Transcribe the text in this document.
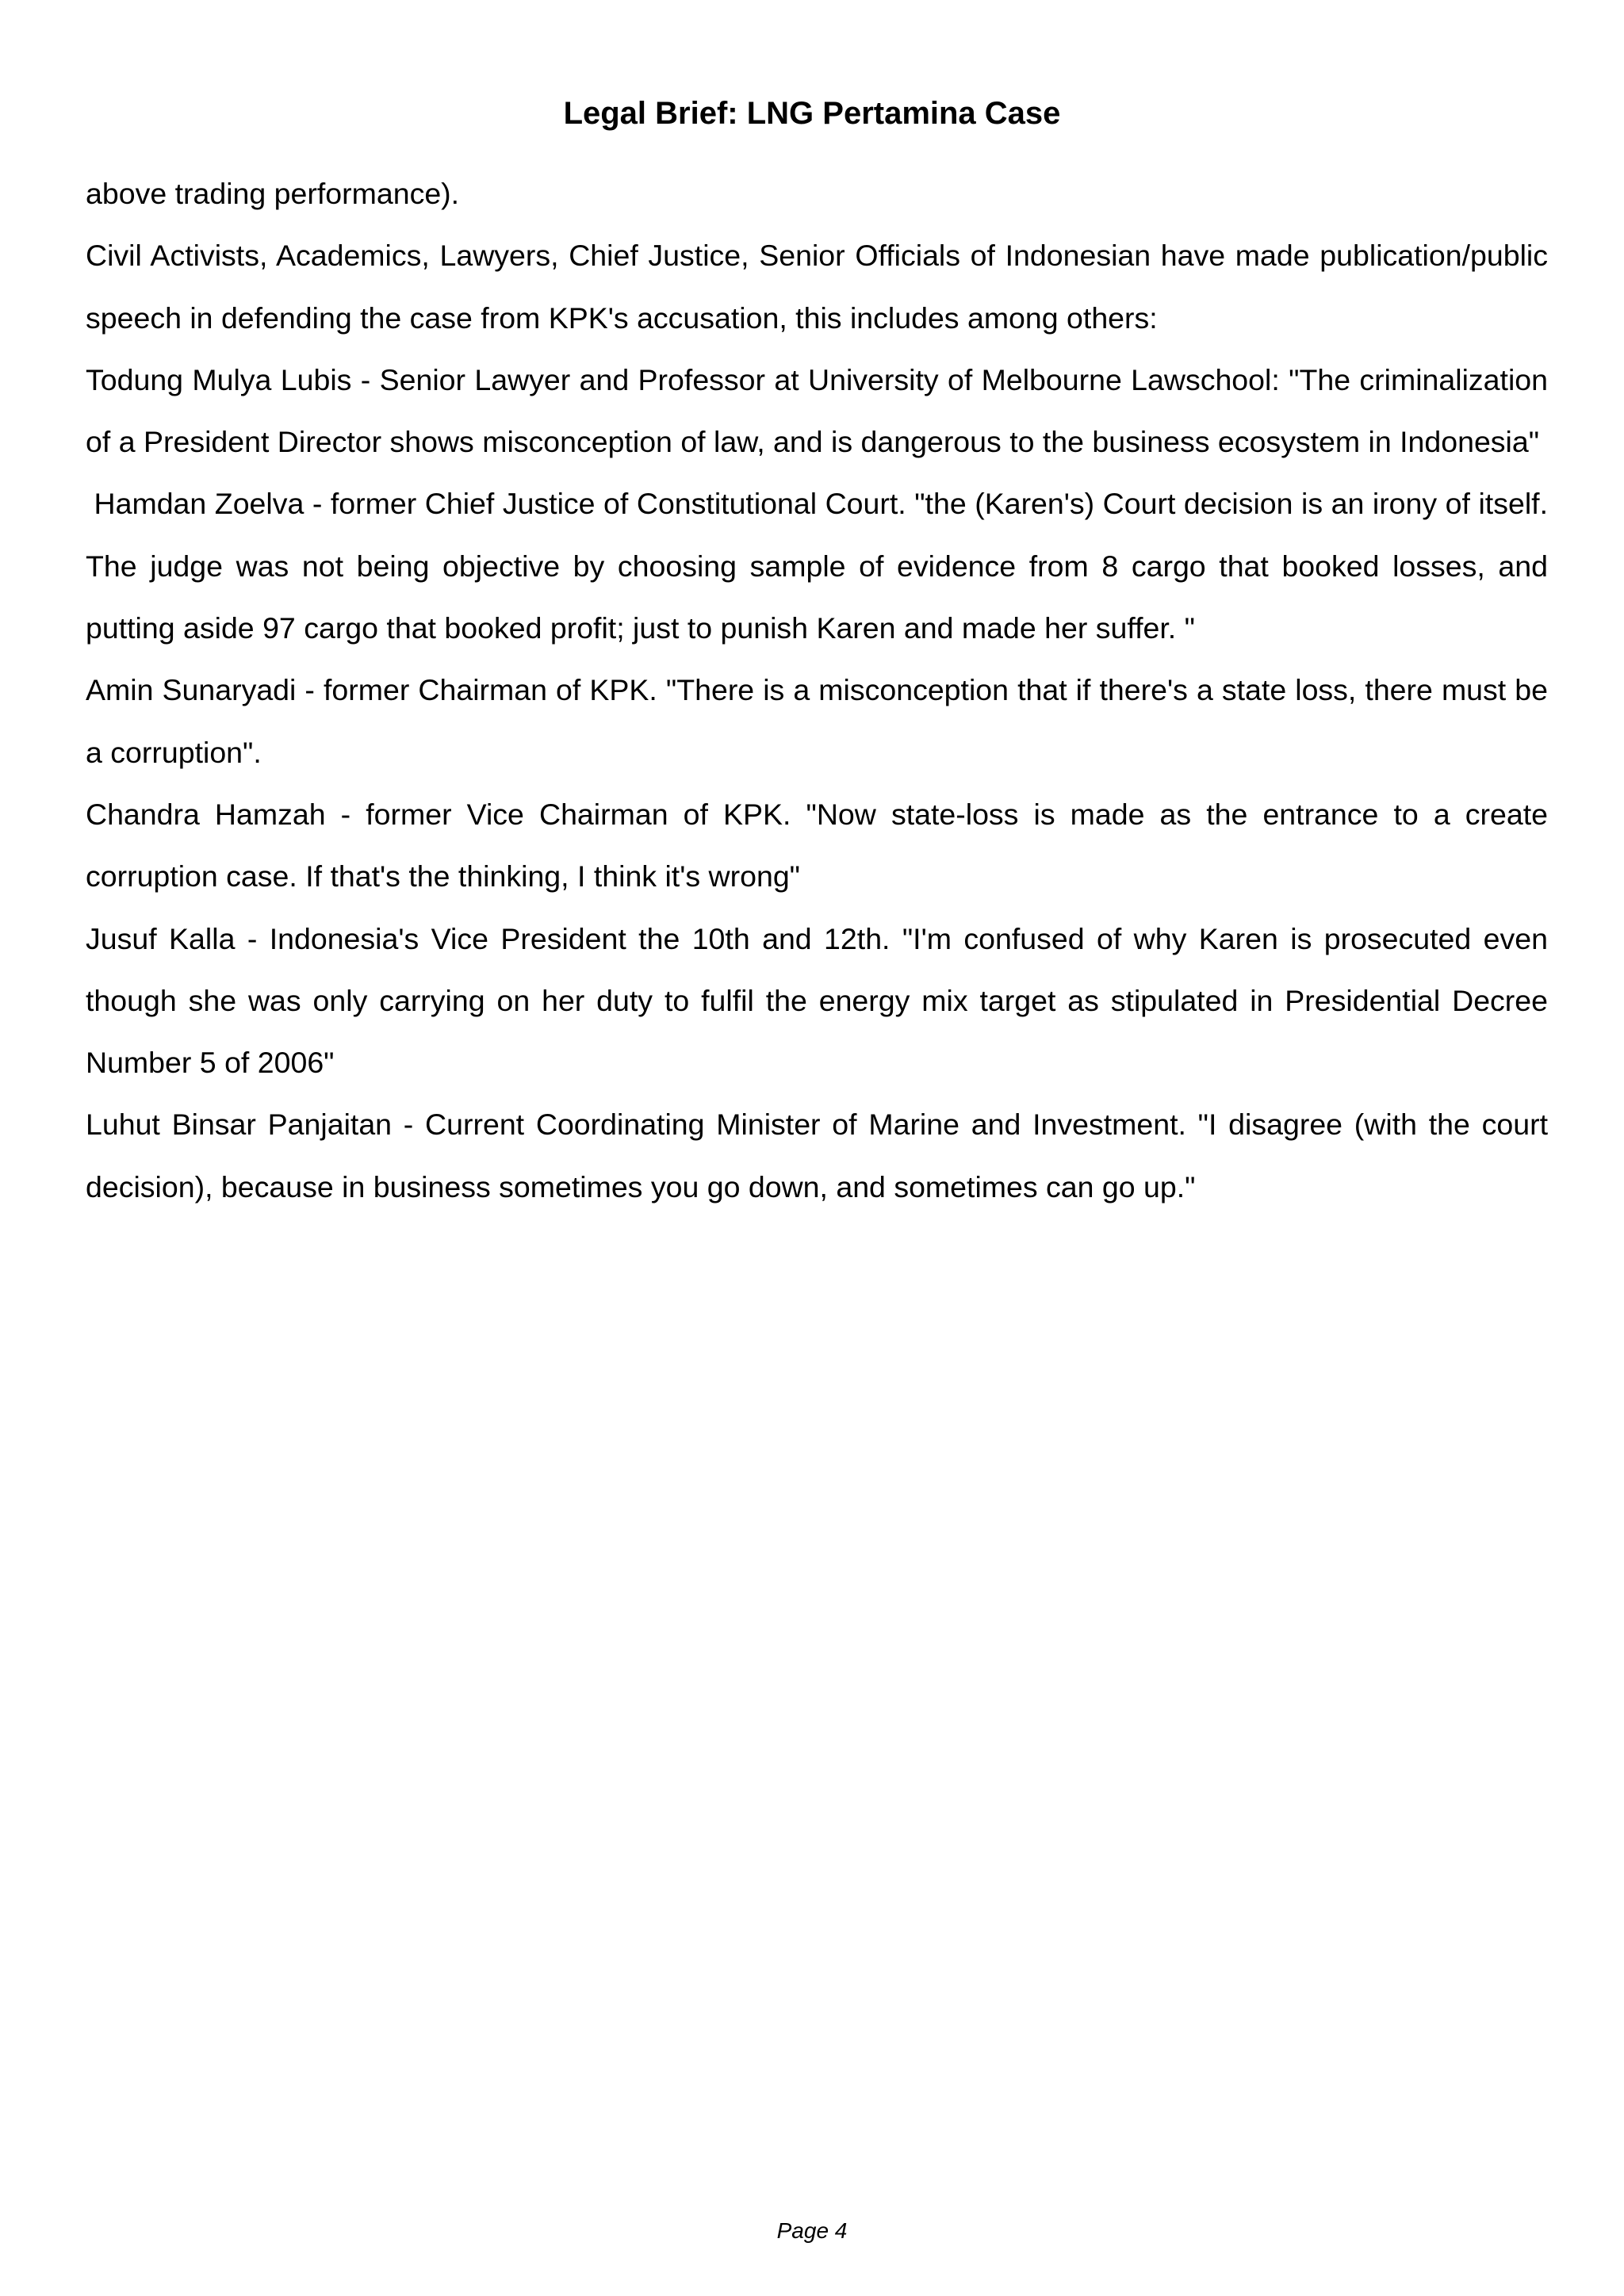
Legal Brief: LNG Pertamina Case

above trading performance).

Civil Activists, Academics, Lawyers, Chief Justice, Senior Officials of Indonesian have made publication/public speech in defending the case from KPK's accusation, this includes among others:

Todung Mulya Lubis - Senior Lawyer and Professor at University of Melbourne Lawschool: "The criminalization of a President Director shows misconception of law, and is dangerous to the business ecosystem in Indonesia"

Hamdan Zoelva - former Chief Justice of Constitutional Court. "the (Karen's) Court decision is an irony of itself. The judge was not being objective by choosing sample of evidence from 8 cargo that booked losses, and putting aside 97 cargo that booked profit; just to punish Karen and made her suffer. "

Amin Sunaryadi - former Chairman of KPK. "There is a misconception that if there's a state loss, there must be a corruption".

Chandra Hamzah - former Vice Chairman of KPK. "Now state-loss is made as the entrance to a create corruption case. If that's the thinking, I think it's wrong"

Jusuf Kalla - Indonesia's Vice President the 10th and 12th. "I'm confused of why Karen is prosecuted even though she was only carrying on her duty to fulfil the energy mix target as stipulated in Presidential Decree Number 5 of 2006"

Luhut Binsar Panjaitan - Current Coordinating Minister of Marine and Investment. "I disagree (with the court decision), because in business sometimes you go down, and sometimes can go up."

Page 4
